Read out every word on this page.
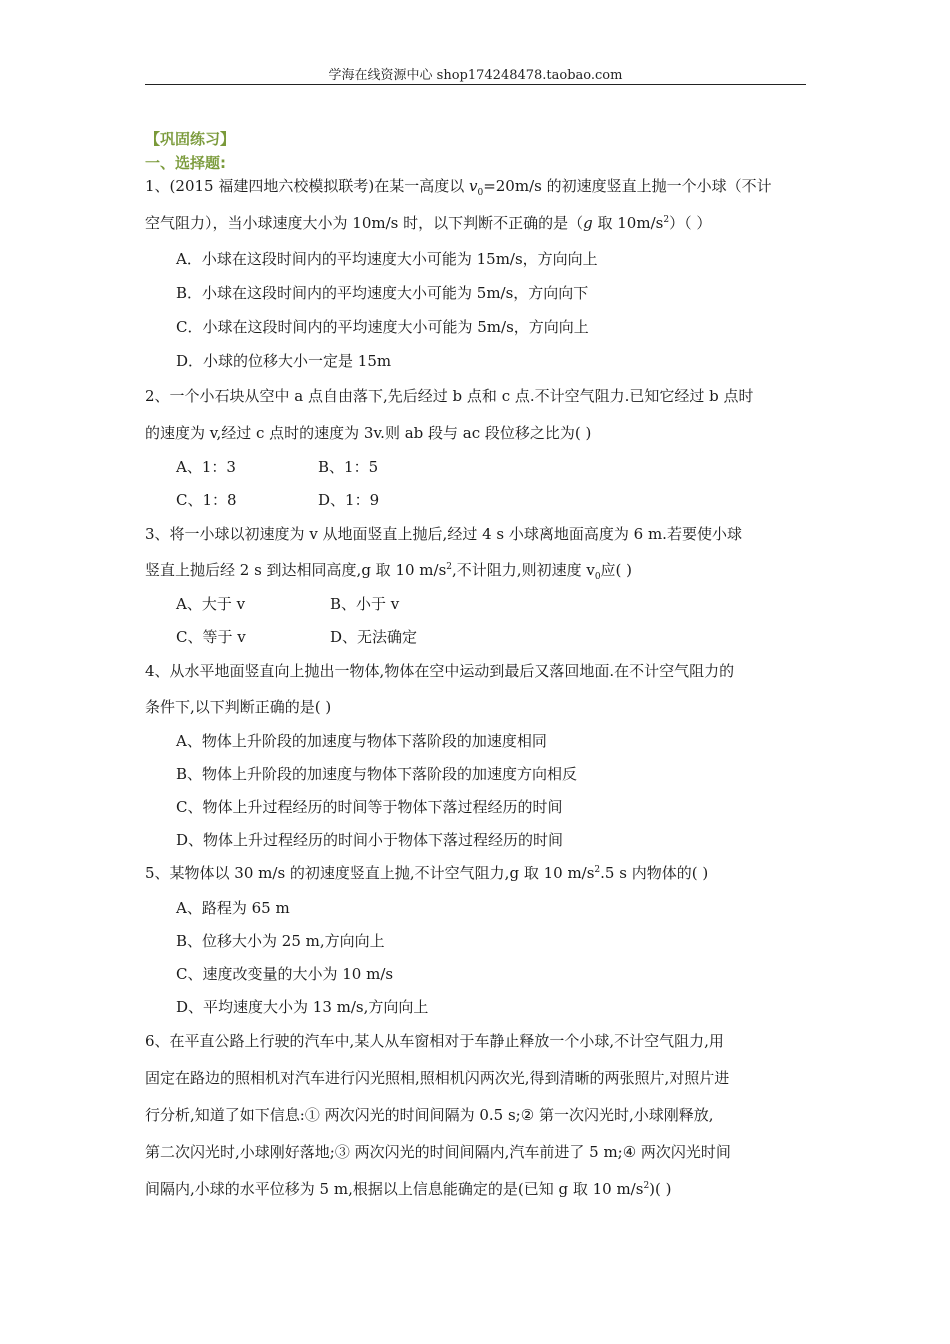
学海在线资源中心 shop174248478.taobao.com
【巩固练习】
一、选择题:
1、(2015 福建四地六校模拟联考)在某一高度以 $v_0=20m/s$ 的初速度竖直上抛一个小球（不计
空气阻力），当小球速度大小为 10m/s 时，以下判断不正确的是（g 取 $10m/s^2$）（ ）
A．小球在这段时间内的平均速度大小可能为 15m/s，方向向上
B．小球在这段时间内的平均速度大小可能为 5m/s，方向向下
C．小球在这段时间内的平均速度大小可能为 5m/s，方向向上
D．小球的位移大小一定是 15m
2、一个小石块从空中 a 点自由落下,先后经过 b 点和 c 点.不计空气阻力.已知它经过 b 点时
的速度为 v,经过 c 点时的速度为 3v.则 ab 段与 ac 段位移之比为( )
A、1：3	B、1：5
C、1：8	D、1：9
3、将一小球以初速度为 v 从地面竖直上抛后,经过 4 s 小球离地面高度为 6 m.若要使小球
竖直上抛后经 2 s 到达相同高度,g 取 10 $m/s^2$,不计阻力,则初速度 $v_0$应( )
A、大于 v	B、小于 v
C、等于 v	D、无法确定
4、从水平地面竖直向上抛出一物体,物体在空中运动到最后又落回地面.在不计空气阻力的
条件下,以下判断正确的是( )
A、物体上升阶段的加速度与物体下落阶段的加速度相同
B、物体上升阶段的加速度与物体下落阶段的加速度方向相反
C、物体上升过程经历的时间等于物体下落过程经历的时间
D、物体上升过程经历的时间小于物体下落过程经历的时间
5、某物体以 30 m/s 的初速度竖直上抛,不计空气阻力,g 取 10 $m/s^2.5$ s 内物体的( )
A、路程为 65 m
B、位移大小为 25 m,方向向上
C、速度改变量的大小为 10 m/s
D、平均速度大小为 13 m/s,方向向上
6、在平直公路上行驶的汽车中,某人从车窗相对于车静止释放一个小球,不计空气阻力,用
固定在路边的照相机对汽车进行闪光照相,照相机闪两次光,得到清晰的两张照片,对照片进
行分析,知道了如下信息:① 两次闪光的时间间隔为 0.5 s;② 第一次闪光时,小球刚释放,
第二次闪光时,小球刚好落地;③ 两次闪光的时间间隔内,汽车前进了 5 m;④ 两次闪光时间
间隔内,小球的水平位移为 5 m,根据以上信息能确定的是(已知 g 取 10 $m/s^2$)( )
